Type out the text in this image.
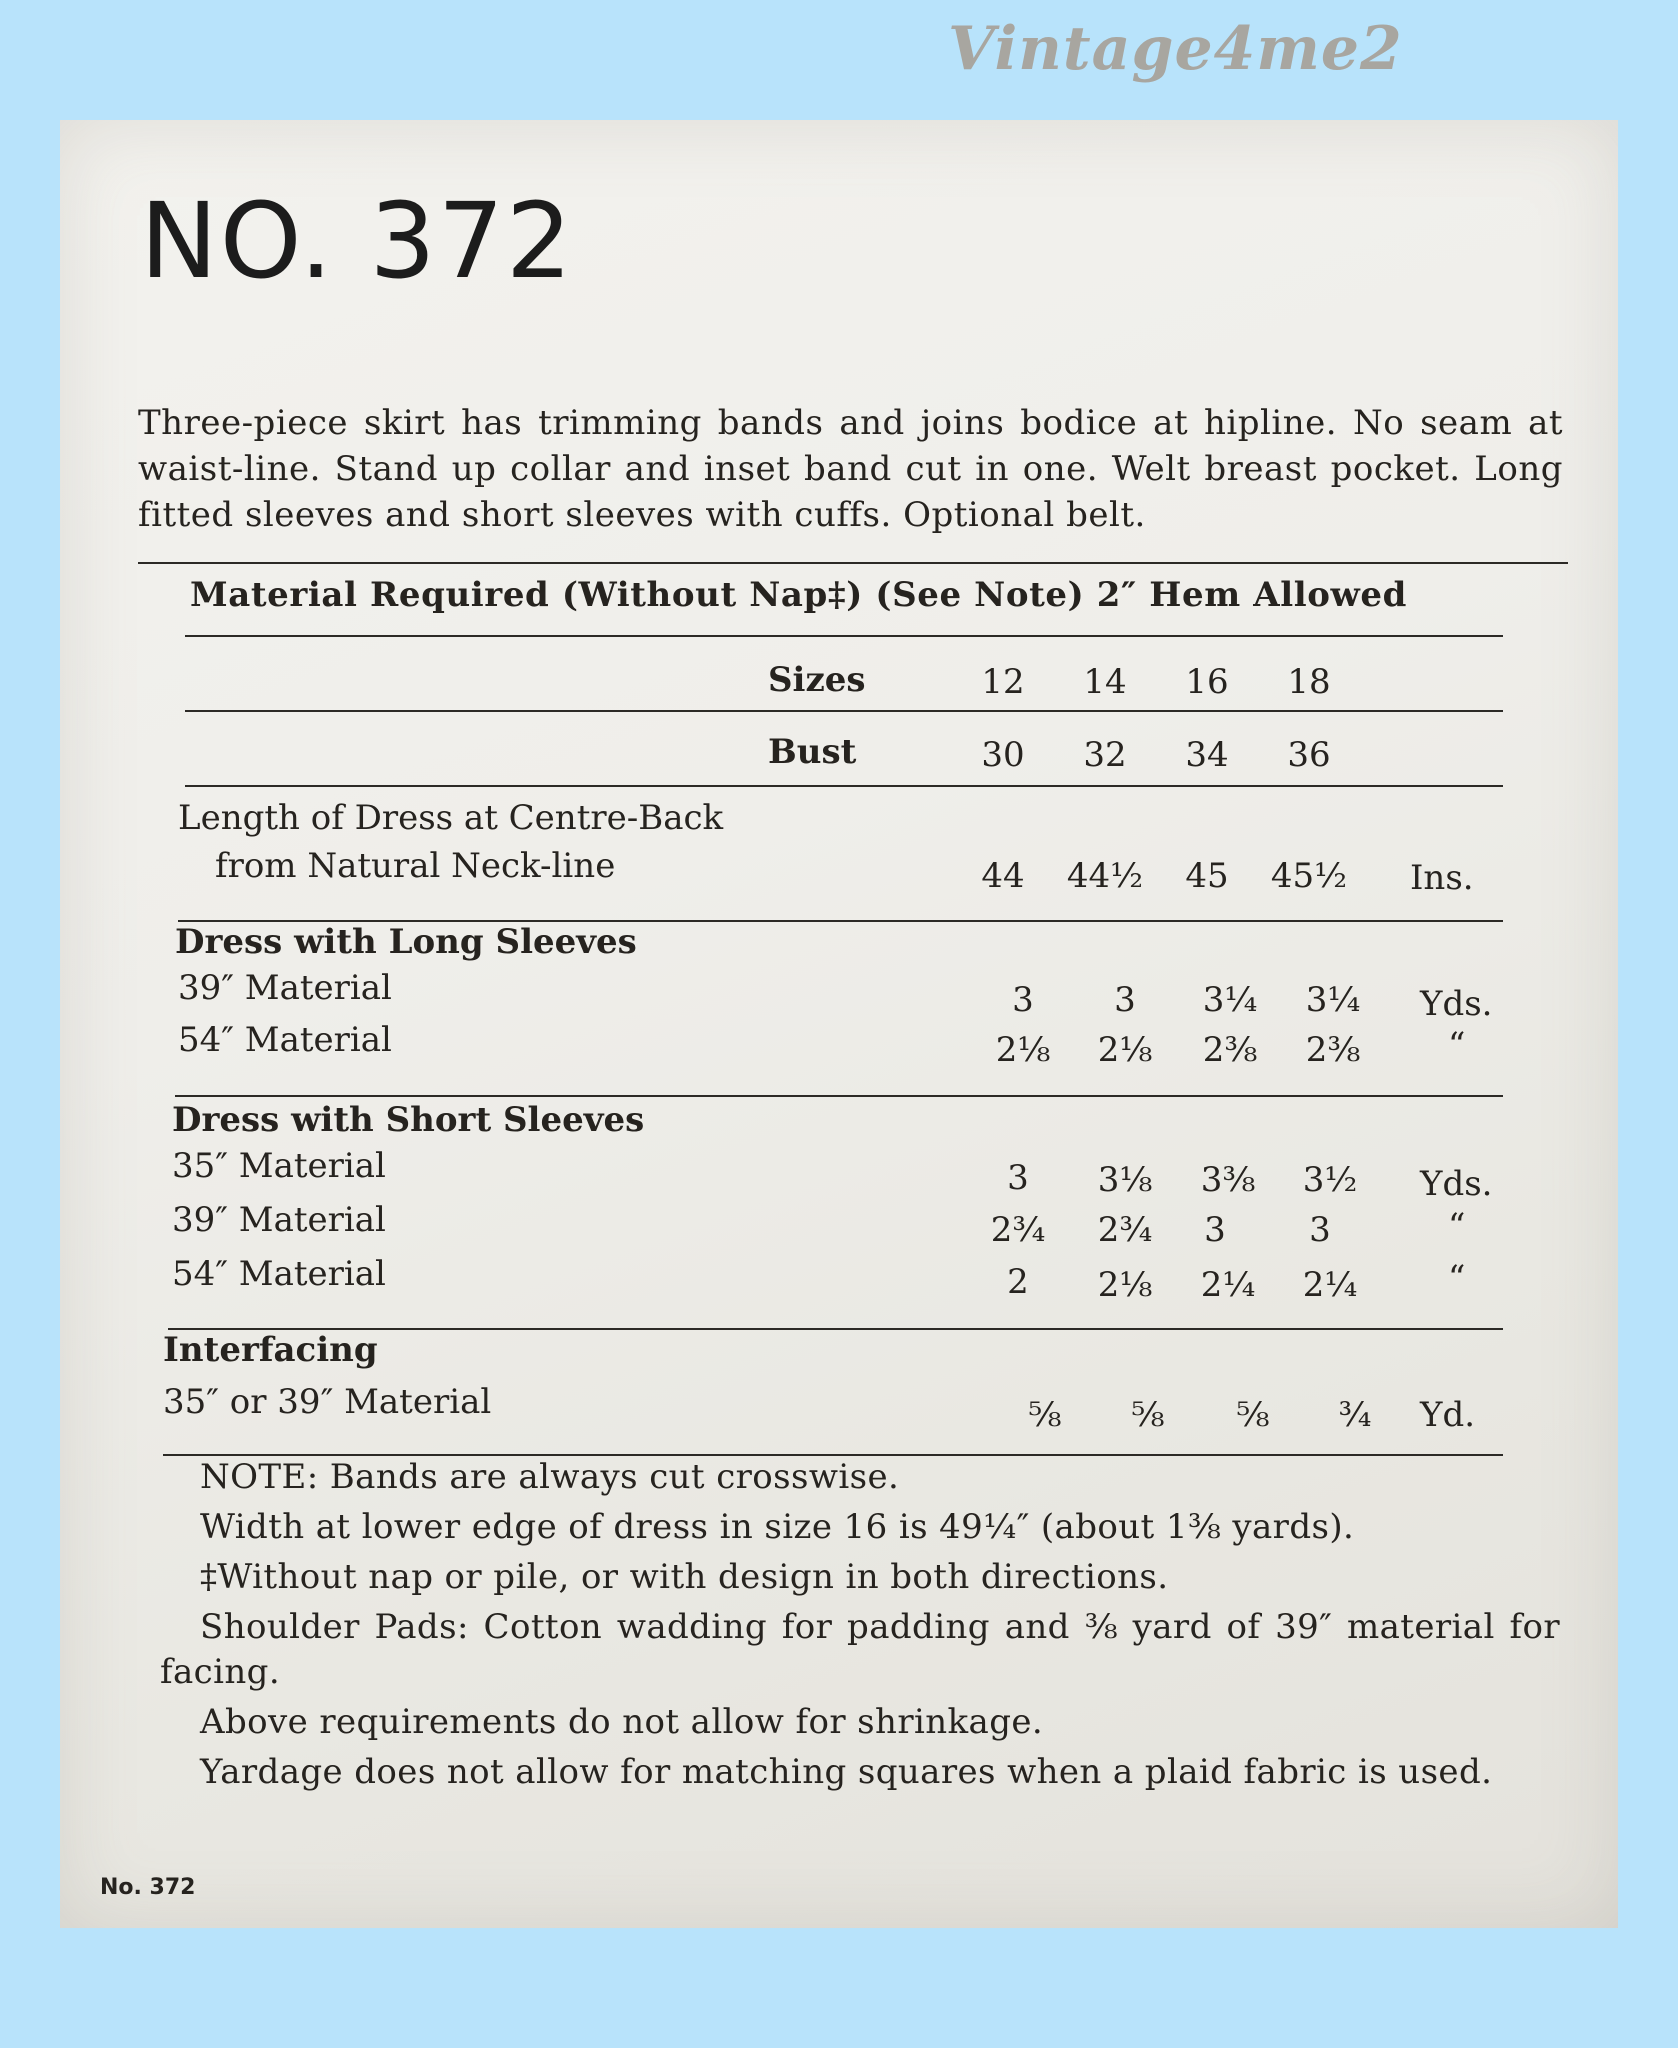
Vintage4me2
NO. 372
Three-piece skirt has trimming bands and joins bodice at hipline. No seam at waist-line. Stand up collar and inset band cut in one. Welt breast pocket. Long fitted sleeves and short sleeves with cuffs. Optional belt.
Material Required (Without Nap‡) (See Note) 2″ Hem Allowed
Sizes	12	14	16	18
Bust	30	32	34	36
Length of Dress at Centre-Back
from Natural Neck-line	44	44½	45	45½	Ins.
Dress with Long Sleeves
39″ Material	3	3	3¼	3¼	Yds.
54″ Material	2⅛	2⅛	2⅜	2⅜	“
Dress with Short Sleeves
35″ Material	3	3⅛	3⅜	3½	Yds.
39″ Material	2¾	2¾	3	3	“
54″ Material	2	2⅛	2¼	2¼	“
Interfacing
35″ or 39″ Material	⅝	⅝	⅝	¾	Yd.

NOTE: Bands are always cut crosswise.

Width at lower edge of dress in size 16 is 49¼″ (about 1⅜ yards).

‡Without nap or pile, or with design in both directions.

Shoulder Pads: Cotton wadding for padding and ⅜ yard of 39″ material for facing.

Above requirements do not allow for shrinkage.

Yardage does not allow for matching squares when a plaid fabric is used.

No. 372
